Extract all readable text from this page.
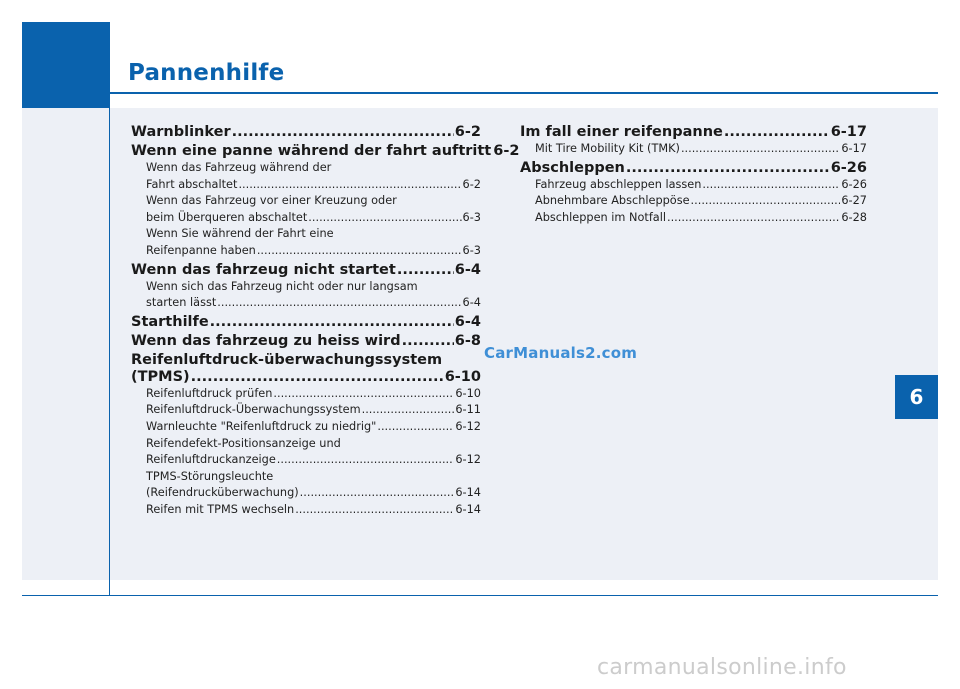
Pannenhilfe
Warnblinker .....	6-2
Wenn eine panne während der fahrt auftritt 6-2
Wenn das Fahrzeug während der
Fahrt abschaltet .....	6-2
Wenn das Fahrzeug vor einer Kreuzung oder
beim Überqueren abschaltet .....	6-3
Wenn Sie während der Fahrt eine
Reifenpanne haben .....	6-3
Wenn das fahrzeug nicht startet .....	6-4
Wenn sich das Fahrzeug nicht oder nur langsam
starten lässt .....	6-4
Starthilfe .....	6-4
Wenn das fahrzeug zu heiss wird .....	6-8
Reifenluftdruck-überwachungssystem
(TPMS) .....	6-10
Reifenluftdruck prüfen .....	6-10
Reifenluftdruck-Überwachungssystem .....	6-11
Warnleuchte "Reifenluftdruck zu niedrig" .....	6-12
Reifendefekt-Positionsanzeige und
Reifenluftdruckanzeige .....	6-12
TPMS-Störungsleuchte
(Reifendrucküberwachung) .....	6-14
Reifen mit TPMS wechseln .....	6-14
Im fall einer reifenpanne .....	6-17
Mit Tire Mobility Kit (TMK) .....	6-17
Abschleppen .....	6-26
Fahrzeug abschleppen lassen .....	6-26
Abnehmbare Abschleppöse .....	6-27
Abschleppen im Notfall .....	6-28
CarManuals2.com
6
carmanualsonline.info
